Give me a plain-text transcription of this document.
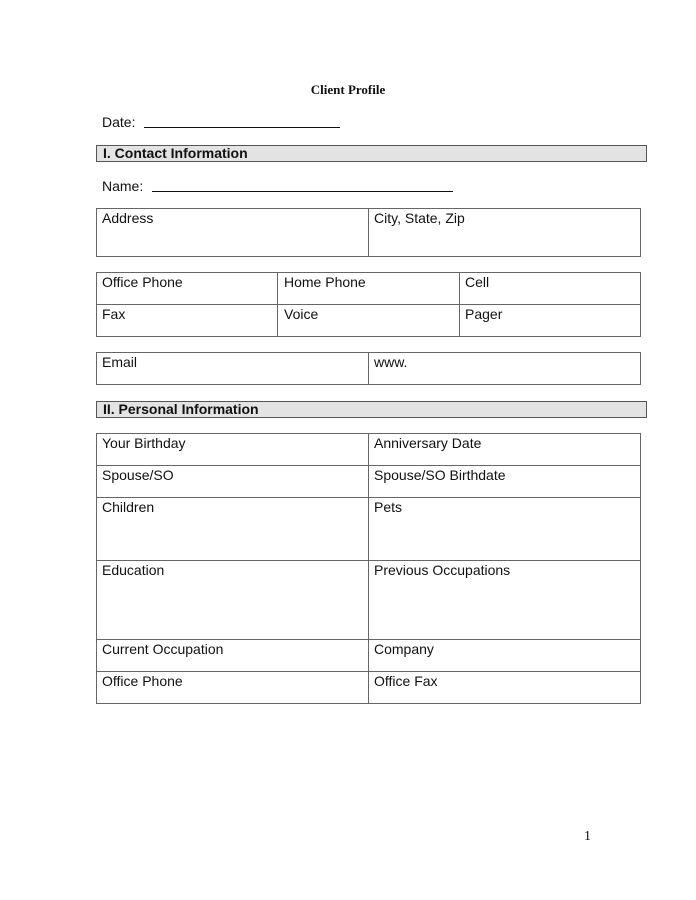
Client Profile
Date:
I. Contact Information
Name:
Address	City, State, Zip
Office Phone	Home Phone	Cell
Fax	Voice	Pager
Email	www.
II. Personal Information
Your Birthday	Anniversary Date
Spouse/SO	Spouse/SO Birthdate
Children	Pets
Education	Previous Occupations
Current Occupation	Company
Office Phone	Office Fax
1
